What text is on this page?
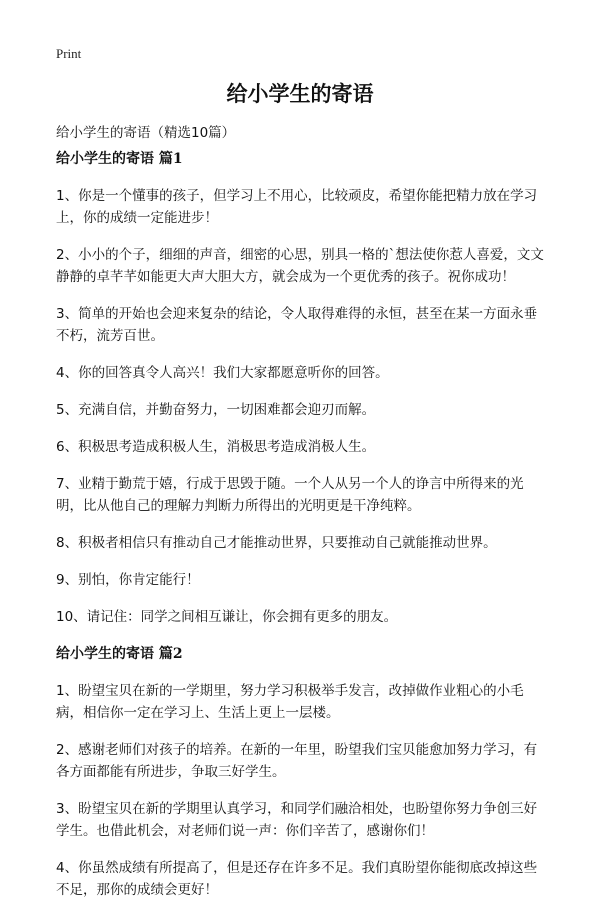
Print
给小学生的寄语

给小学生的寄语（精选10篇）

给小学生的寄语 篇1

1、你是一个懂事的孩子，但学习上不用心，比较顽皮，希望你能把精力放在学习上，你的成绩一定能进步！

2、小小的个子，细细的声音，细密的心思，别具一格的`想法使你惹人喜爱，文文静静的卓芊芊如能更大声大胆大方，就会成为一个更优秀的孩子。祝你成功！

3、简单的开始也会迎来复杂的结论，令人取得难得的永恒，甚至在某一方面永垂不朽，流芳百世。

4、你的回答真令人高兴！我们大家都愿意听你的回答。

5、充满自信，并勤奋努力，一切困难都会迎刃而解。

6、积极思考造成积极人生，消极思考造成消极人生。

7、业精于勤荒于嬉，行成于思毁于随。一个人从另一个人的诤言中所得来的光明，比从他自己的理解力判断力所得出的光明更是干净纯粹。

8、积极者相信只有推动自己才能推动世界，只要推动自己就能推动世界。

9、别怕，你肯定能行！

10、请记住：同学之间相互谦让，你会拥有更多的朋友。

给小学生的寄语 篇2

1、盼望宝贝在新的一学期里，努力学习积极举手发言，改掉做作业粗心的小毛病，相信你一定在学习上、生活上更上一层楼。

2、感谢老师们对孩子的培养。在新的一年里，盼望我们宝贝能愈加努力学习，有各方面都能有所进步，争取三好学生。

3、盼望宝贝在新的学期里认真学习，和同学们融洽相处，也盼望你努力争创三好学生。也借此机会，对老师们说一声：你们辛苦了，感谢你们！

4、你虽然成绩有所提高了，但是还存在许多不足。我们真盼望你能彻底改掉这些不足，那你的成绩会更好！
